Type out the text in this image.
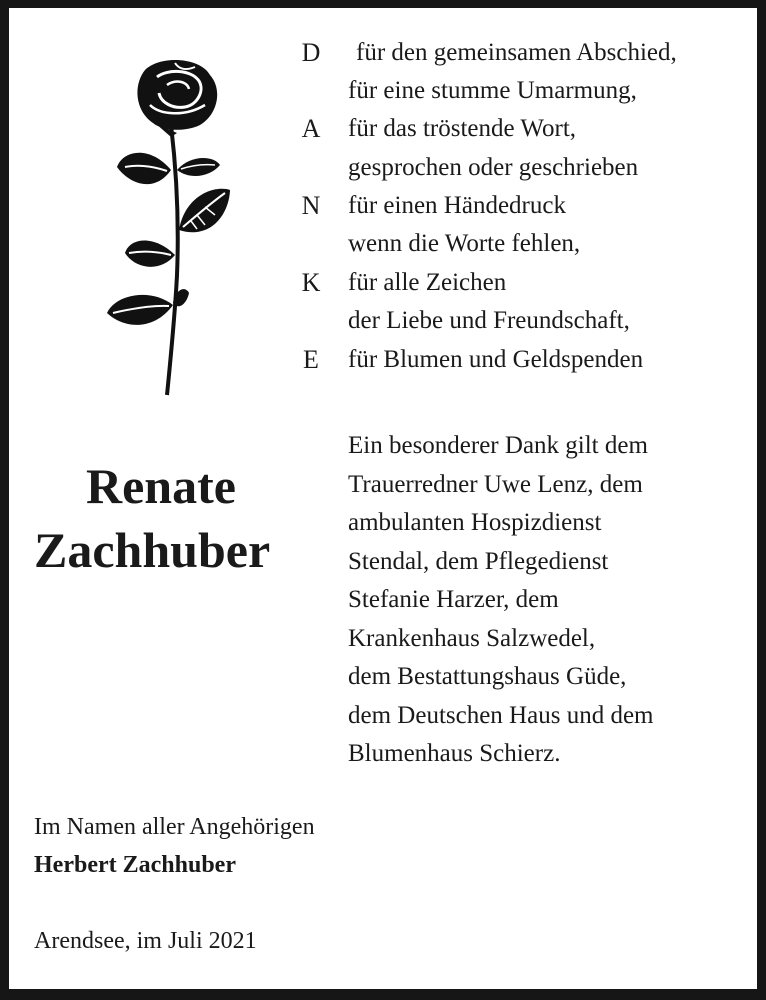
D
A
N
K
E
für den gemeinsamen Abschied,
für eine stumme Umarmung,
für das tröstende Wort,
gesprochen oder geschrieben
für einen Händedruck
wenn die Worte fehlen,
für alle Zeichen
der Liebe und Freundschaft,
für Blumen und Geldspenden
Renate
Zachhuber
Ein besonderer Dank gilt dem
Trauerredner Uwe Lenz, dem
ambulanten Hospizdienst
Stendal, dem Pflegedienst
Stefanie Harzer, dem
Krankenhaus Salzwedel,
dem Bestattungshaus Güde,
dem Deutschen Haus und dem
Blumenhaus Schierz.
Im Namen aller Angehörigen
Herbert Zachhuber
Arendsee, im Juli 2021
